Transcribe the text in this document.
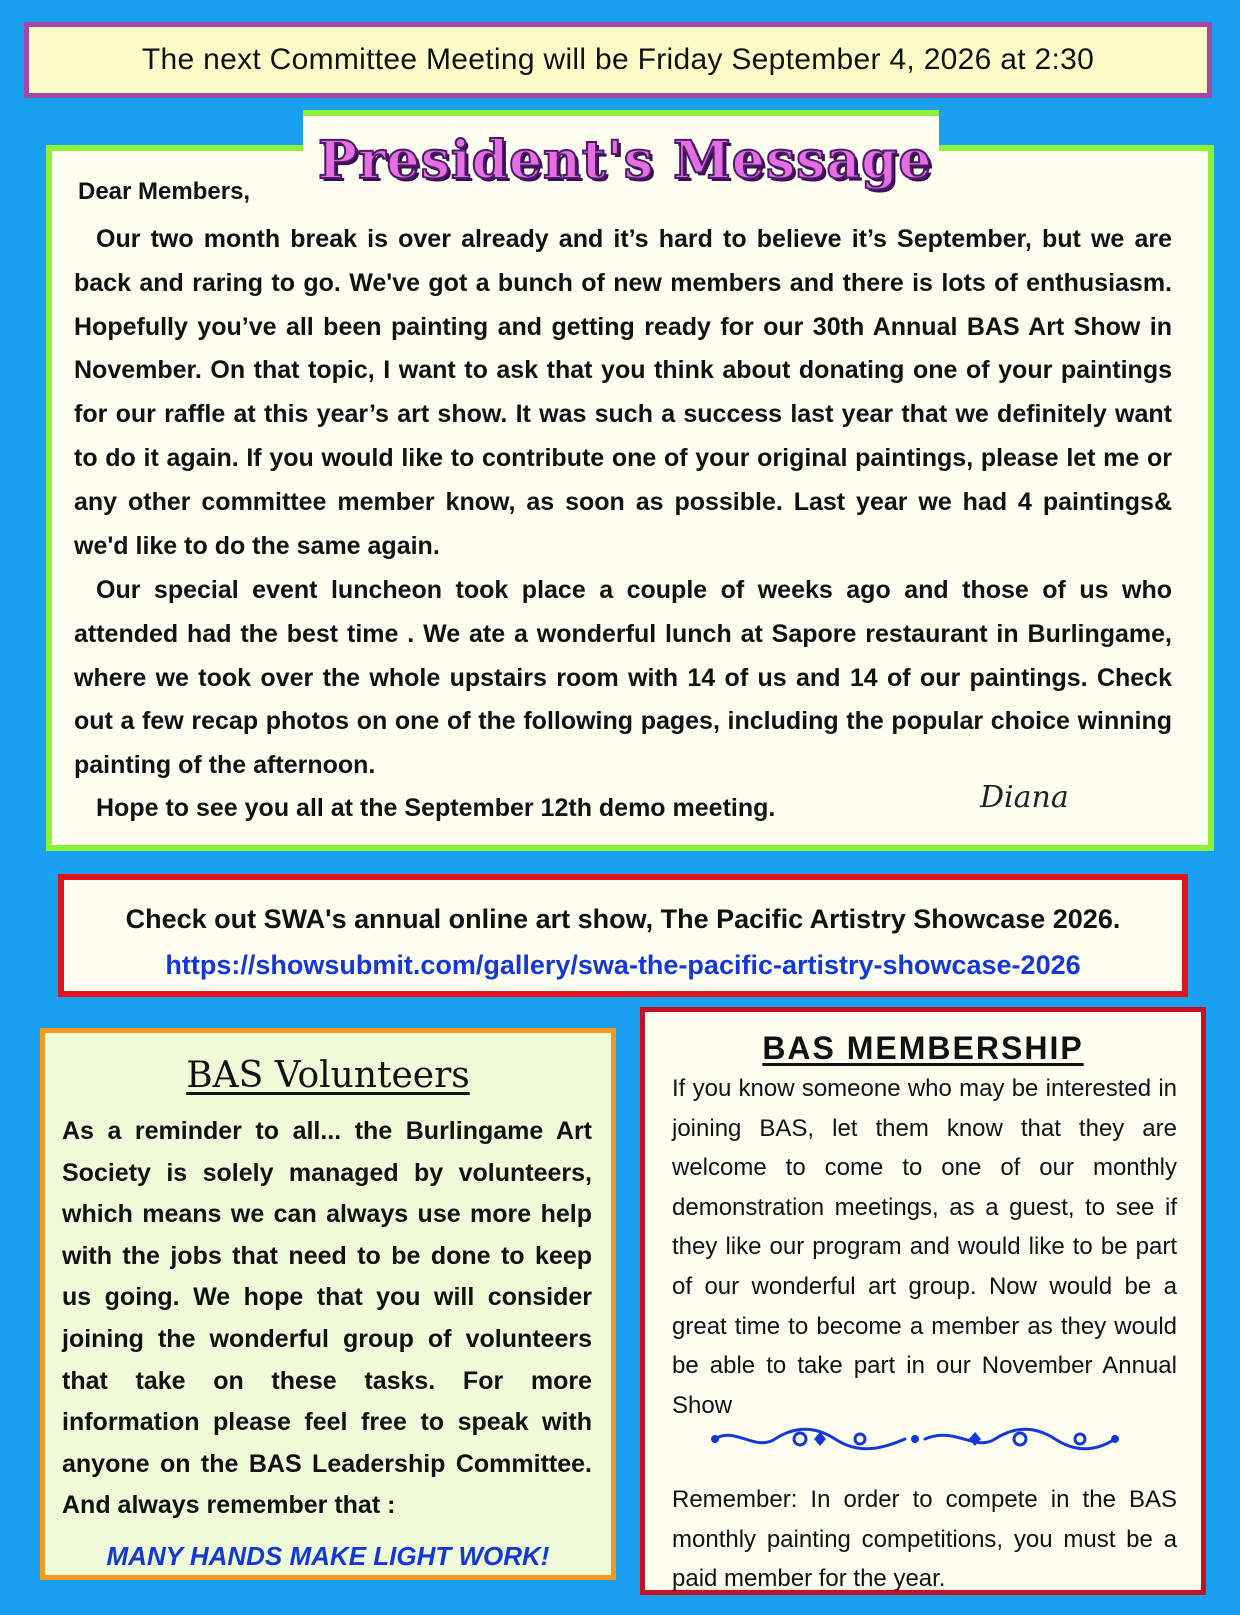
The next Committee Meeting will be Friday September 4, 2026 at 2:30
President's Message
Dear Members,
Our two month break is over already and it’s hard to believe it’s September, but we are back and raring to go. We've got a bunch of new members and there is lots of enthusiasm. Hopefully you’ve all been painting and getting ready for our 30th Annual BAS Art Show in November. On that topic, I want to ask that you think about donating one of your paintings for our raffle at this year’s art show. It was such a success last year that we definitely want to do it again. If you would like to contribute one of your original paintings, please let me or any other committee member know, as soon as possible. Last year we had 4 paintings& we'd like to do the same again.
Our special event luncheon took place a couple of weeks ago and those of us who attended had the best time . We ate a wonderful lunch at Sapore restaurant in Burlingame, where we took over the whole upstairs room with 14 of us and 14 of our paintings. Check out a few recap photos on one of the following pages, including the popular choice winning painting of the afternoon.
Hope to see you all at the September 12th demo meeting.	Diana
Check out SWA's annual online art show, The Pacific Artistry Showcase 2026.
https://showsubmit.com/gallery/swa-the-pacific-artistry-showcase-2026
BAS Volunteers
As a reminder to all... the Burlingame Art Society is solely managed by volunteers, which means we can always use more help with the jobs that need to be done to keep us going. We hope that you will consider joining the wonderful group of volunteers that take on these tasks. For more information please feel free to speak with anyone on the BAS Leadership Committee. And always remember that :
MANY HANDS MAKE LIGHT WORK!
BAS MEMBERSHIP
If you know someone who may be interested in joining BAS, let them know that they are welcome to come to one of our monthly demonstration meetings, as a guest, to see if they like our program and would like to be part of our wonderful art group. Now would be a great time to become a member as they would be able to take part in our November Annual Show
Remember: In order to compete in the BAS monthly painting competitions, you must be a paid member for the year.
